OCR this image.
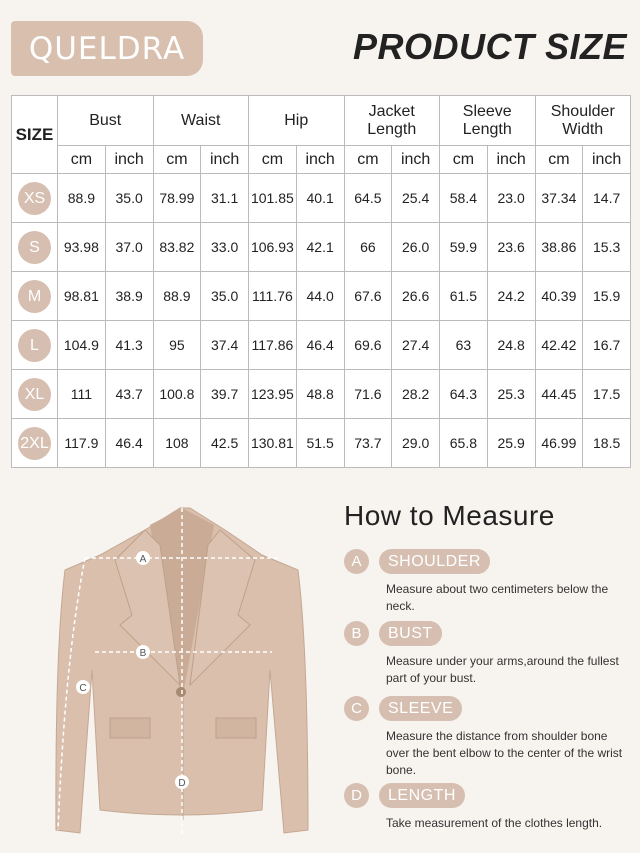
QUELDRA	PRODUCT SIZE
SIZE	Bust		Waist		Hip		Jacket Length		Sleeve Length		Shoulder Width	
	cm	inch	cm	inch	cm	inch	cm	inch	cm	inch	cm	inch
XS	88.9	35.0	78.99	31.1	101.85	40.1	64.5	25.4	58.4	23.0	37.34	14.7
S	93.98	37.0	83.82	33.0	106.93	42.1	66	26.0	59.9	23.6	38.86	15.3
M	98.81	38.9	88.9	35.0	111.76	44.0	67.6	26.6	61.5	24.2	40.39	15.9
L	104.9	41.3	95	37.4	117.86	46.4	69.6	27.4	63	24.8	42.42	16.7
XL	111	43.7	100.8	39.7	123.95	48.8	71.6	28.2	64.3	25.3	44.45	17.5
2XL	117.9	46.4	108	42.5	130.81	51.5	73.7	29.0	65.8	25.9	46.99	18.5
A
B
C
D
How to Measure
A	SHOULDER
Measure about two centimeters below the neck.
B	BUST
Measure under your arms,around the fullest part of your bust.
C	SLEEVE
Measure the distance from shoulder bone over the bent elbow to the center of the wrist bone.
D	LENGTH
Take measurement of the clothes length.
